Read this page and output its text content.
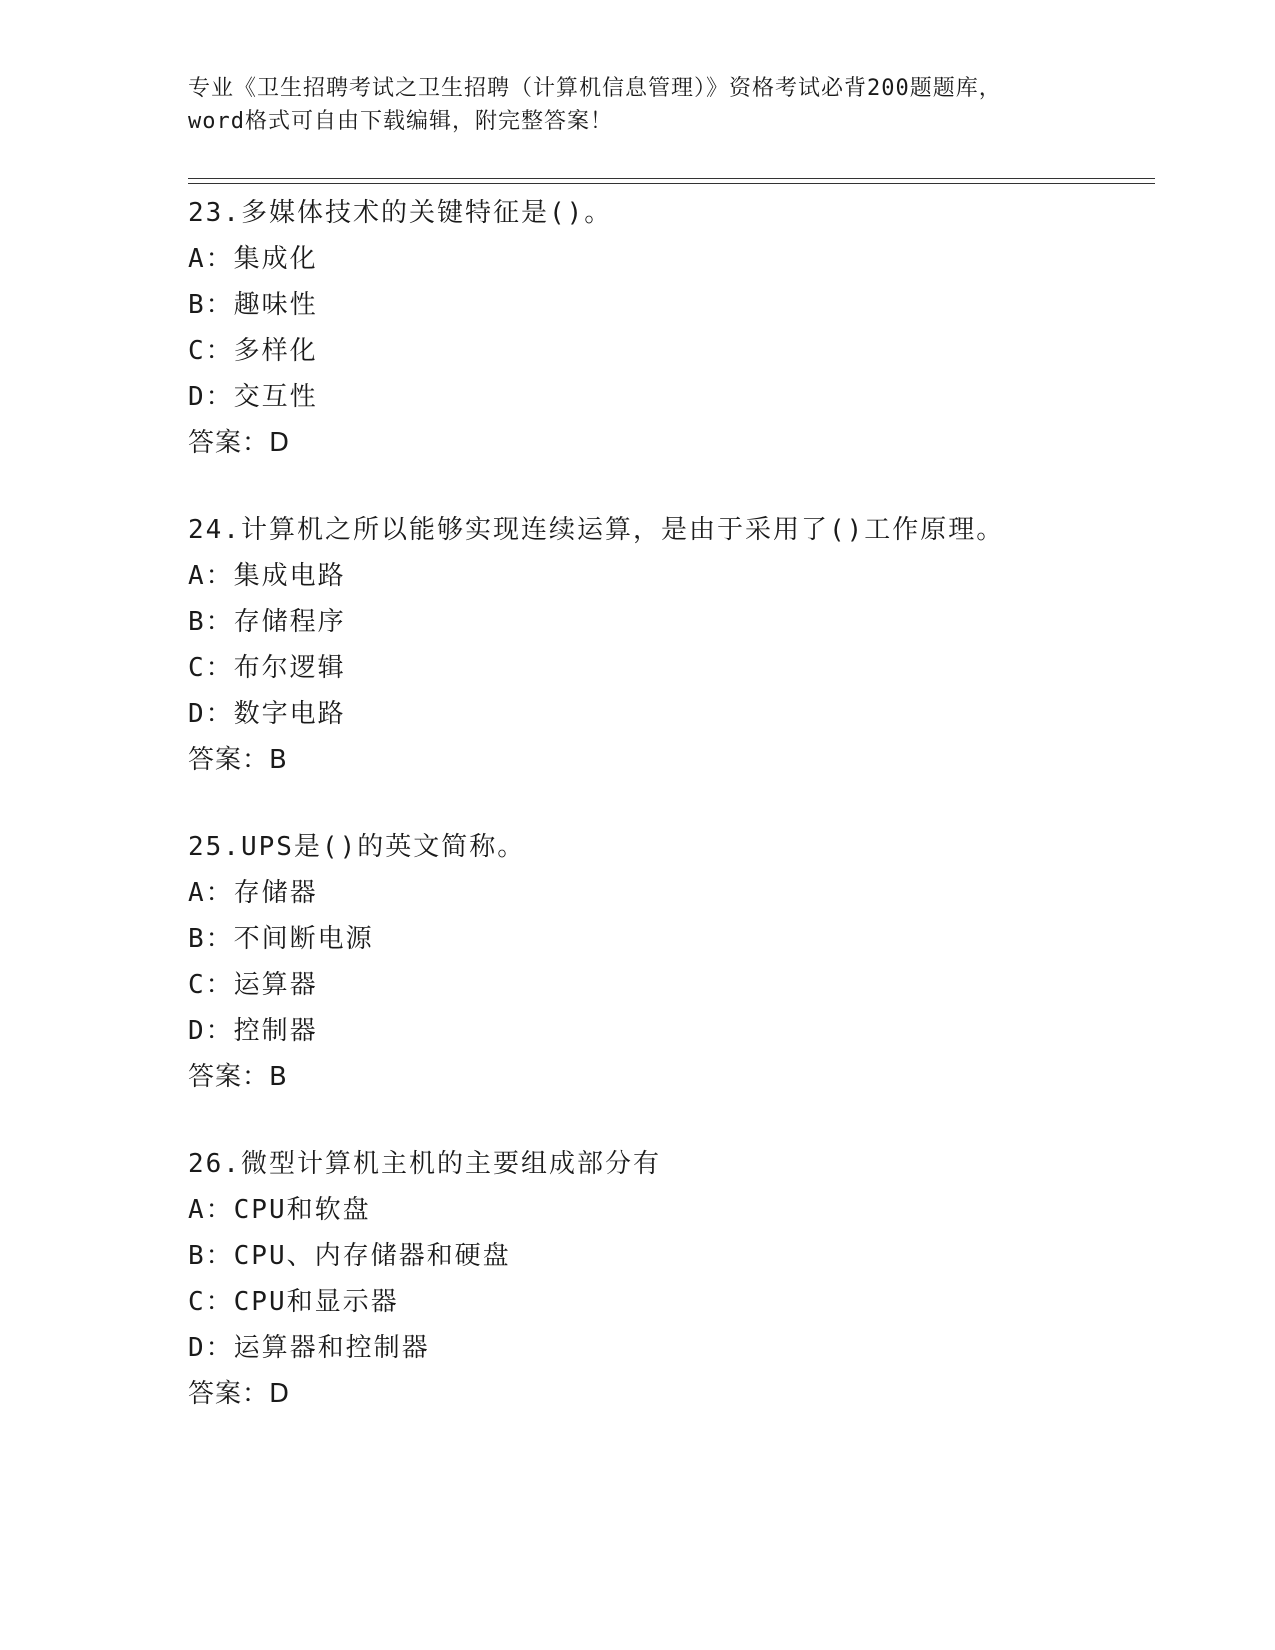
专业《卫生招聘考试之卫生招聘（计算机信息管理）》资格考试必背200题题库，
word格式可自由下载编辑，附完整答案！
23.多媒体技术的关键特征是()。
A：集成化
B：趣味性
C：多样化
D：交互性
答案：D
24.计算机之所以能够实现连续运算，是由于采用了()工作原理。
A：集成电路
B：存储程序
C：布尔逻辑
D：数字电路
答案：B
25.UPS是()的英文简称。
A：存储器
B：不间断电源
C：运算器
D：控制器
答案：B
26.微型计算机主机的主要组成部分有
A：CPU和软盘
B：CPU、内存储器和硬盘
C：CPU和显示器
D：运算器和控制器
答案：D
